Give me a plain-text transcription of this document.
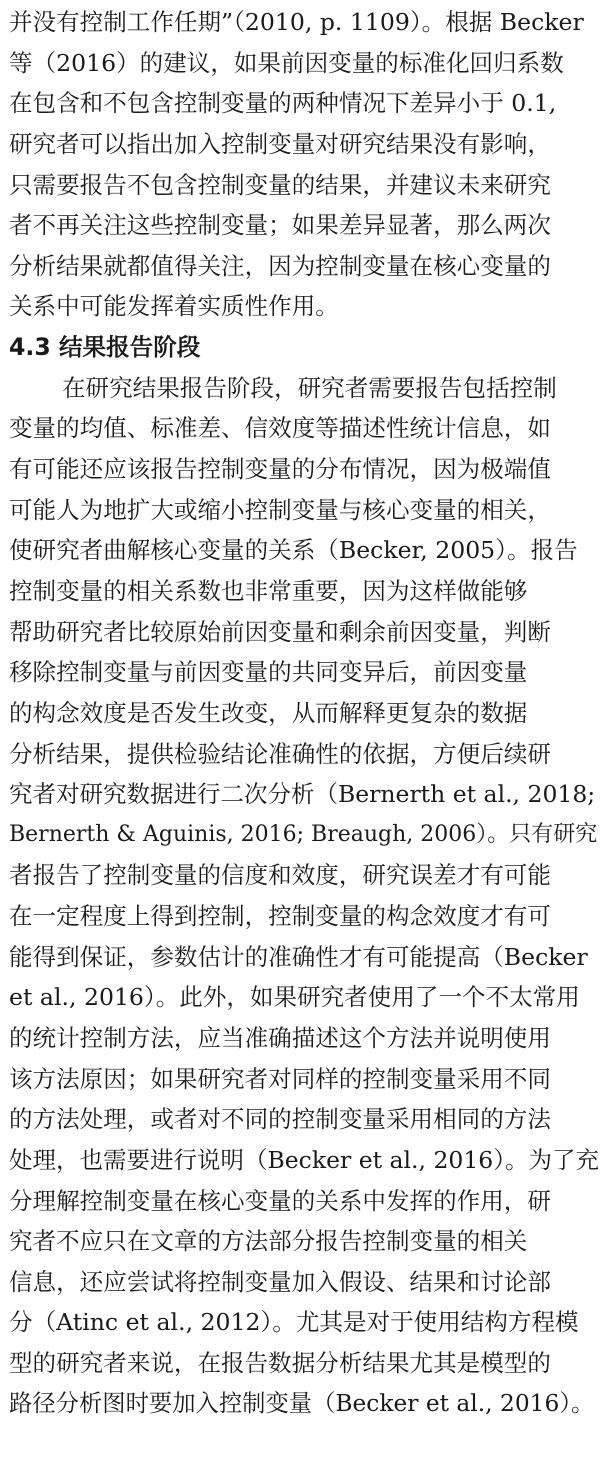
并没有控制工作任期”（2010, p. 1109）。根据 Becker
等（2016）的建议，如果前因变量的标准化回归系数
在包含和不包含控制变量的两种情况下差异小于 0.1,
研究者可以指出加入控制变量对研究结果没有影响，
只需要报告不包含控制变量的结果，并建议未来研究
者不再关注这些控制变量；如果差异显著，那么两次
分析结果就都值得关注，因为控制变量在核心变量的
关系中可能发挥着实质性作用。
4.3 结果报告阶段
在研究结果报告阶段，研究者需要报告包括控制
变量的均值、标准差、信效度等描述性统计信息，如
有可能还应该报告控制变量的分布情况，因为极端值
可能人为地扩大或缩小控制变量与核心变量的相关，
使研究者曲解核心变量的关系（Becker, 2005）。报告
控制变量的相关系数也非常重要，因为这样做能够
帮助研究者比较原始前因变量和剩余前因变量，判断
移除控制变量与前因变量的共同变异后，前因变量
的构念效度是否发生改变，从而解释更复杂的数据
分析结果，提供检验结论准确性的依据，方便后续研
究者对研究数据进行二次分析（Bernerth et al., 2018;
Bernerth & Aguinis, 2016; Breaugh, 2006）。只有研究
者报告了控制变量的信度和效度，研究误差才有可能
在一定程度上得到控制，控制变量的构念效度才有可
能得到保证，参数估计的准确性才有可能提高（Becker
et al., 2016）。此外，如果研究者使用了一个不太常用
的统计控制方法，应当准确描述这个方法并说明使用
该方法原因；如果研究者对同样的控制变量采用不同
的方法处理，或者对不同的控制变量采用相同的方法
处理，也需要进行说明（Becker et al., 2016）。为了充
分理解控制变量在核心变量的关系中发挥的作用，研
究者不应只在文章的方法部分报告控制变量的相关
信息，还应尝试将控制变量加入假设、结果和讨论部
分（Atinc et al., 2012）。尤其是对于使用结构方程模
型的研究者来说，在报告数据分析结果尤其是模型的
路径分析图时要加入控制变量（Becker et al., 2016）。
